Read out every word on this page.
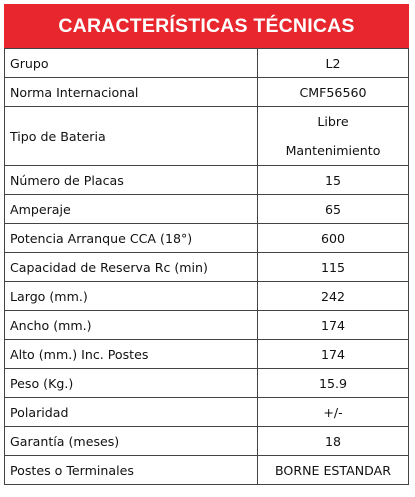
CARACTERÍSTICAS TÉCNICAS
Grupo	L2
Norma Internacional	CMF56560
Tipo de Bateria	Libre
Mantenimiento

Número de Placas	15
Amperaje	65
Potencia Arranque CCA (18°)	600
Capacidad de Reserva Rc (min)	115
Largo (mm.)	242
Ancho (mm.)	174
Alto (mm.) Inc. Postes	174
Peso (Kg.)	15.9
Polaridad	+/-
Garantía (meses)	18
Postes o Terminales	BORNE ESTANDAR
